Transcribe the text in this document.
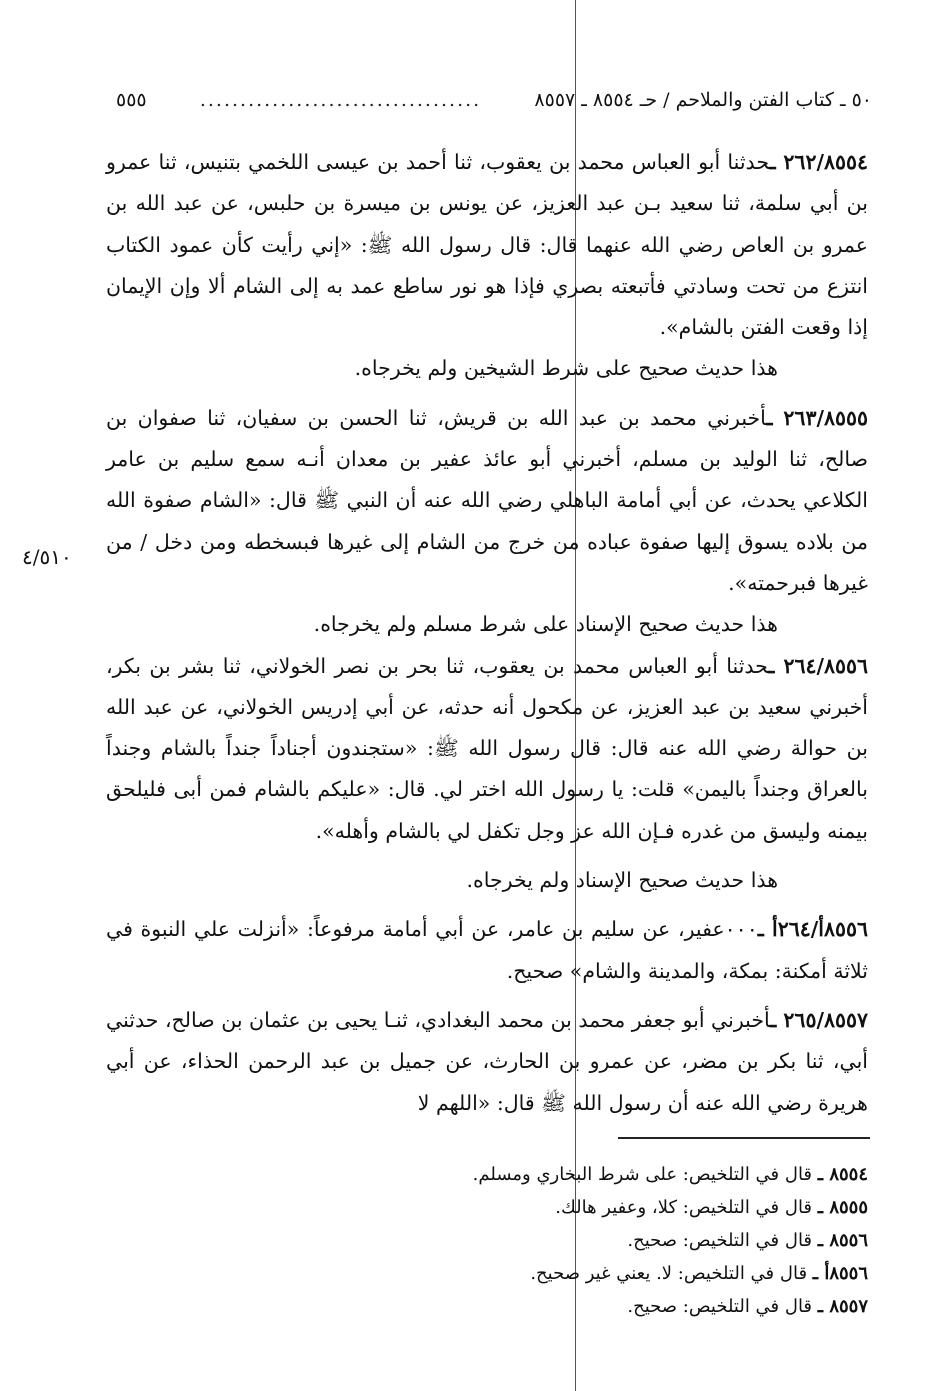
٥٠ ـ كتاب الفتن والملاحم / حـ ٨٥٥٤ ـ ٨٥٥٧
...................................
٥٥٥
٤/٥١٠

٢٦٢/٨٥٥٤ ـحدثنا أبو العباس محمد بن يعقوب، ثنا أحمد بن عيسى اللخمي بتنيس، ثنا عمرو بن أبي سلمة، ثنا سعيد بـن عبد العزيز، عن يونس بن ميسرة بن حلبس، عن عبد الله بن عمرو بن العاص رضي الله عنهما قال: قال رسول الله ﷺ: «إني رأيت كأن عمود الكتاب انتزع من تحت وسادتي فأتبعته بصري فإذا هو نور ساطع عمد به إلى الشام ألا وإن الإيمان إذا وقعت الفتن بالشام».

هذا حديث صحيح على شرط الشيخين ولم يخرجاه.

٢٦٣/٨٥٥٥ ـأخبرني محمد بن عبد الله بن قريش، ثنا الحسن بن سفيان، ثنا صفوان بن صالح، ثنا الوليد بن مسلم، أخبرني أبو عائذ عفير بن معدان أنـه سمع سليم بن عامر الكلاعي يحدث، عن أبي أمامة الباهلي رضي الله عنه أن النبي ﷺ قال: «الشام صفوة الله من بلاده يسوق إليها صفوة عباده من خرج من الشام إلى غيرها فبسخطه ومن دخل / من غيرها فبرحمته».

هذا حديث صحيح الإسناد على شرط مسلم ولم يخرجاه.

٢٦٤/٨٥٥٦ ـحدثنا أبو العباس محمد بن يعقوب، ثنا بحر بن نصر الخولاني، ثنا بشر بن بكر، أخبرني سعيد بن عبد العزيز، عن مكحول أنه حدثه، عن أبي إدريس الخولاني، عن عبد الله بن حوالة رضي الله عنه قال: قال رسول الله ﷺ: «ستجندون أجناداً جنداً بالشام وجنداً بالعراق وجنداً باليمن» قلت: يا رسول الله اختر لي. قال: «عليكم بالشام فمن أبى فليلحق بيمنه وليسق من غدره فـإن الله عز وجل تكفل لي بالشام وأهله».

هذا حديث صحيح الإسناد ولم يخرجاه.

٨٥٥٦أ/٢٦٤أ ـ٠٠٠عفير، عن سليم بن عامر، عن أبي أمامة مرفوعاً: «أنزلت علي النبوة في ثلاثة أمكنة: بمكة، والمدينة والشام» صحيح.

٢٦٥/٨٥٥٧ ـأخبرني أبو جعفر محمد بن محمد البغدادي، ثنـا يحيى بن عثمان بن صالح، حدثني أبي، ثنا بكر بن مضر، عن عمرو بن الحارث، عن جميل بن عبد الرحمن الحذاء، عن أبي هريرة رضي الله عنه أن رسول الله ﷺ قال: «اللهم لا

٨٥٥٤ ـ قال في التلخيص: على شرط البخاري ومسلم.
٨٥٥٥ ـ قال في التلخيص: كلا، وعفير هالك.
٨٥٥٦ ـ قال في التلخيص: صحيح.
٨٥٥٦أ ـ قال في التلخيص: لا. يعني غير صحيح.
٨٥٥٧ ـ قال في التلخيص: صحيح.
